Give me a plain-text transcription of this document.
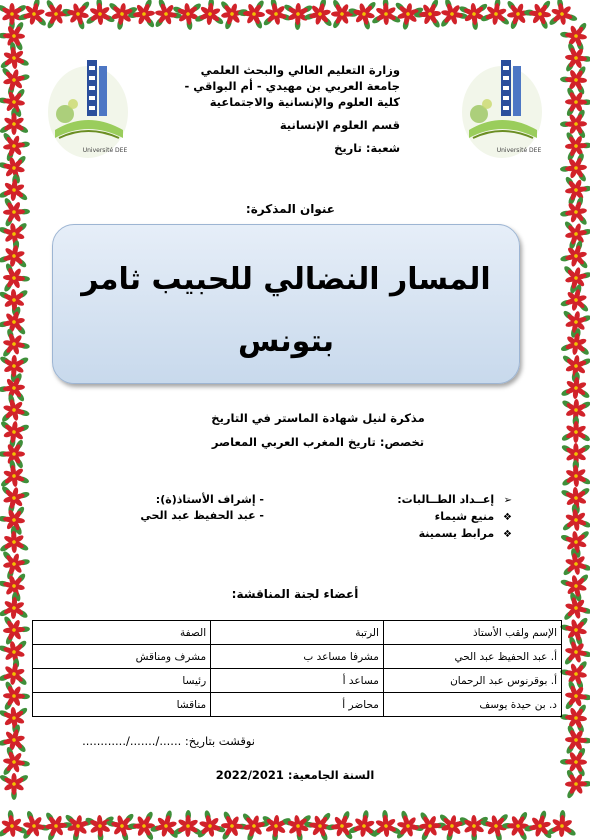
Université DEE	Université DEE
وزارة التعليم العالي والبحث العلمي
جامعة العربي بن مهيدي - أم البواقي -
كلية العلوم والإنسانية والاجتماعية
قسم العلوم الإنسانية
شعبة: تاريخ
عنوان المذكرة:
المسار النضالي للحبيب ثامر
بتونس
مذكرة لنيل شهادة الماستر في التاريخ
تخصص: تاريخ المغرب العربي المعاصر
➢ إعــداد الطــالبات:
❖ منيع شيماء
❖ مرابط يسمينة
- إشراف الأستاذ(ة):
- عبد الحفيظ عبد الحي
أعضاء لجنة المناقشة:
الإسم ولقب الأستاذ	الرتبة	الصفة
أ. عبد الحفيظ عبد الحي	مشرفا مساعد ب	مشرف ومناقش
أ. بوقرنوس عبد الرحمان	مساعد أ	رئيسا
د. بن حيدة يوسف	محاضر أ	مناقشا
نوقشت بتاريخ: ....../......./............
السنة الجامعية: 2022/2021
